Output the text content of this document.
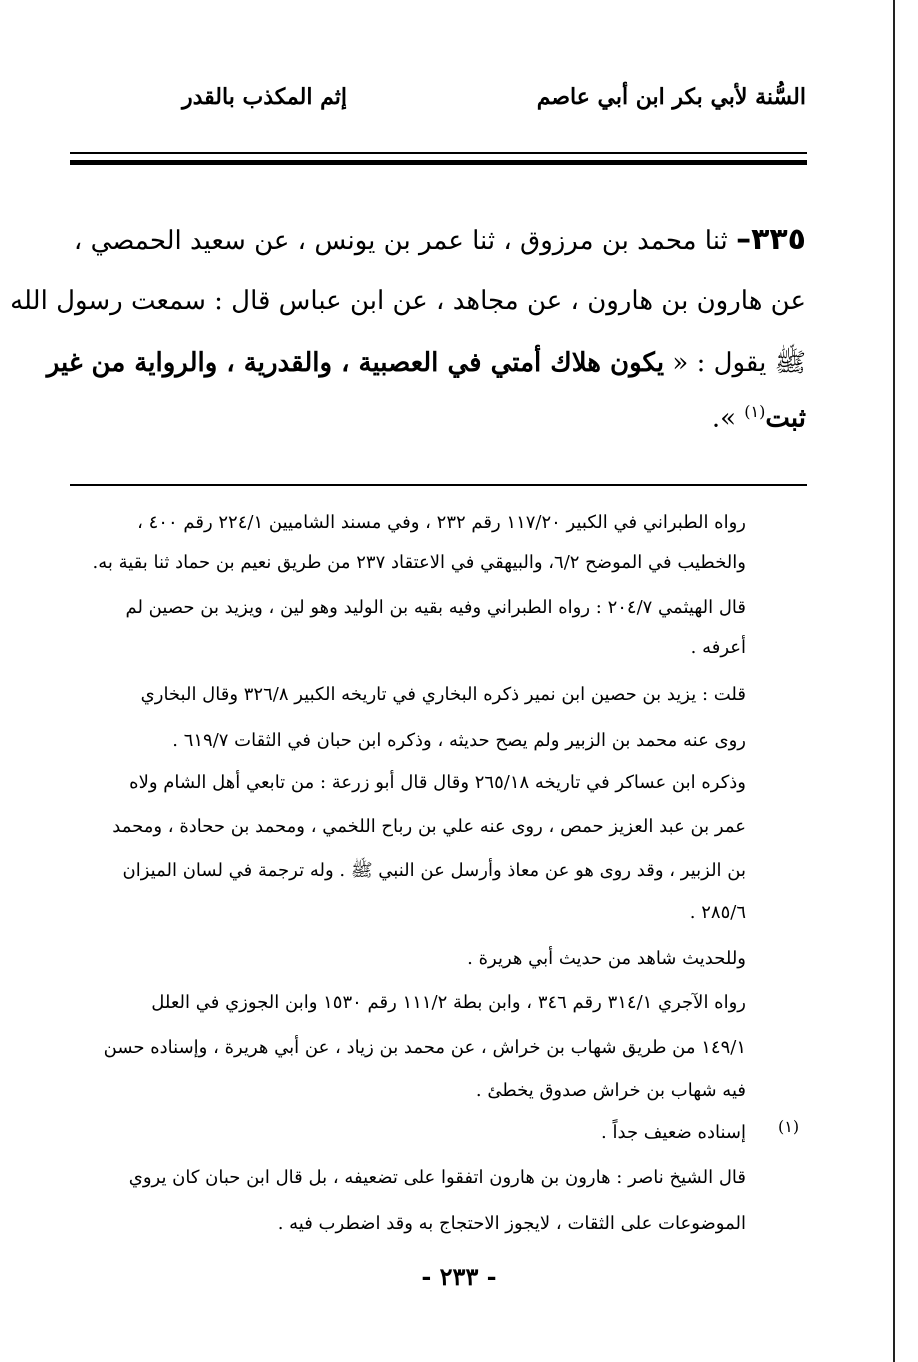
السُّنة لأبي بكر ابن أبي عاصم
إثم المكذب بالقدر
٣٣٥– ثنا محمد بن مرزوق ، ثنا عمر بن يونس ، عن سعيد الحمصي ،
عن هارون بن هارون ، عن مجاهد ، عن ابن عباس قال : سمعت رسول الله
ﷺ يقول : « يكون هلاك أمتي في العصبية ، والقدرية ، والرواية من غير
ثبت$^{(١)}$ ».
رواه الطبراني في الكبير ١١٧/٢٠ رقم ٢٣٢ ، وفي مسند الشاميين ٢٢٤/١ رقم ٤٠٠ ،
والخطيب في الموضح ٦/٢، والبيهقي في الاعتقاد ٢٣٧ من طريق نعيم بن حماد ثنا بقية به.
قال الهيثمي ٢٠٤/٧ : رواه الطبراني وفيه بقيه بن الوليد وهو لين ، ويزيد بن حصين لم
أعرفه .
قلت : يزيد بن حصين ابن نمير ذكره البخاري في تاريخه الكبير ٣٢٦/٨ وقال البخاري
روى عنه محمد بن الزبير ولم يصح حديثه ، وذكره ابن حبان في الثقات ٦١٩/٧ .
وذكره ابن عساكر في تاريخه ٢٦٥/١٨ وقال قال أبو زرعة : من تابعي أهل الشام ولاه
عمر بن عبد العزيز حمص ، روى عنه علي بن رباح اللخمي ، ومحمد بن ححادة ، ومحمد
بن الزبير ، وقد روى هو عن معاذ وأرسل عن النبي ﷺ . وله ترجمة في لسان الميزان
٢٨٥/٦ .
وللحديث شاهد من حديث أبي هريرة .
رواه الآجري ٣١٤/١ رقم ٣٤٦ ، وابن بطة ١١١/٢ رقم ١٥٣٠ وابن الجوزي في العلل
١٤٩/١ من طريق شهاب بن خراش ، عن محمد بن زياد ، عن أبي هريرة ، وإسناده حسن
فيه شهاب بن خراش صدوق يخطئ .
إسناده ضعيف جداً .
قال الشيخ ناصر : هارون بن هارون اتفقوا على تضعيفه ، بل قال ابن حبان كان يروي
الموضوعات على الثقات ، لايجوز الاحتجاج به وقد اضطرب فيه .
(١)
- ٢٣٣ -
